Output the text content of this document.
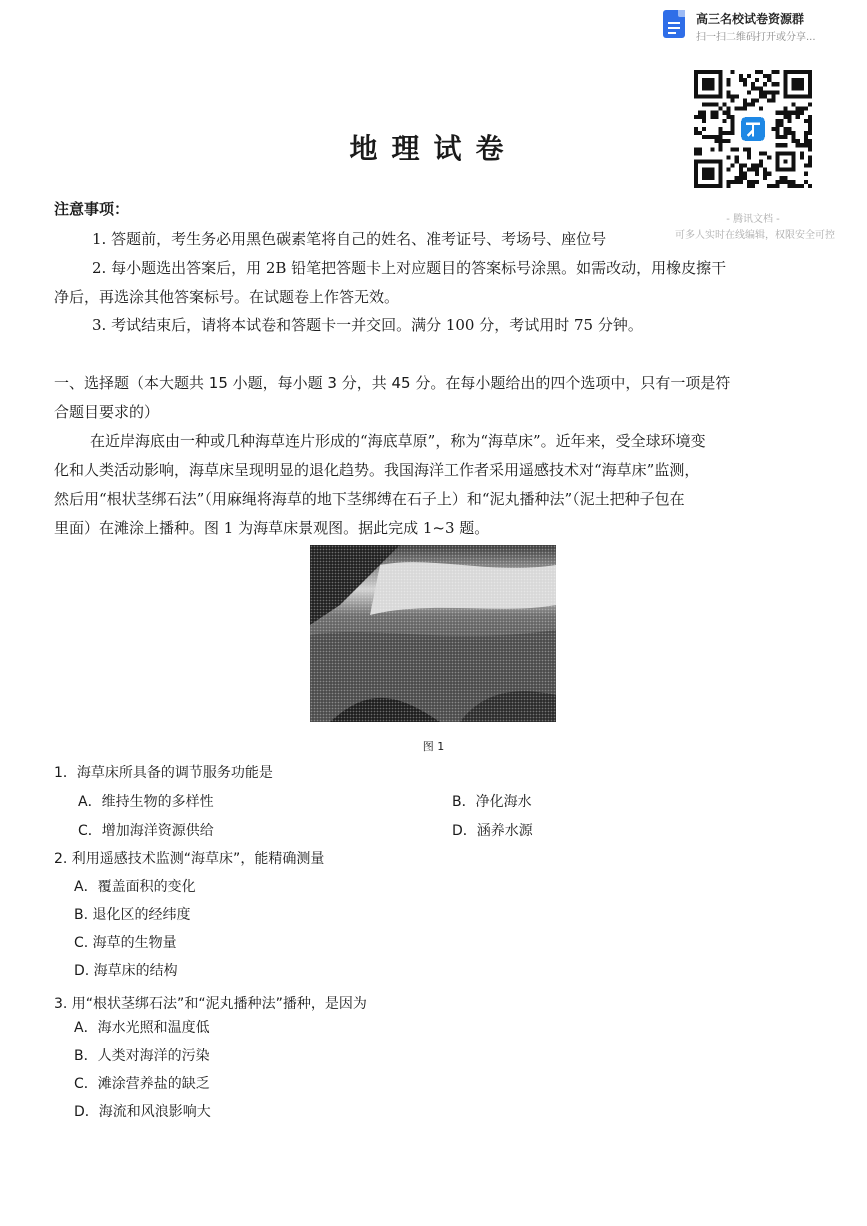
高三名校试卷资源群
扫一扫二维码打开或分享...
- 腾讯文档 -
可多人实时在线编辑，权限安全可控
地理试卷
注意事项：
1. 答题前，考生务必用黑色碳素笔将自己的姓名、准考证号、考场号、座位号
2. 每小题选出答案后，用 2B 铅笔把答题卡上对应题目的答案标号涂黑。如需改动，用橡皮擦干
净后，再选涂其他答案标号。在试题卷上作答无效。
3. 考试结束后，请将本试卷和答题卡一并交回。满分 100 分，考试用时 75 分钟。
一、选择题（本大题共 15 小题，每小题 3 分，共 45 分。在每小题给出的四个选项中，只有一项是符
合题目要求的）
在近岸海底由一种或几种海草连片形成的“海底草原”，称为“海草床”。近年来，受全球环境变
化和人类活动影响，海草床呈现明显的退化趋势。我国海洋工作者采用遥感技术对“海草床”监测，
然后用“根状茎绑石法”（用麻绳将海草的地下茎绑缚在石子上）和“泥丸播种法”（泥土把种子包在
里面）在滩涂上播种。图 1 为海草床景观图。据此完成 1~3 题。
图 1
1．海草床所具备的调节服务功能是
A．维持生物的多样性	B．净化海水
C．增加海洋资源供给	D．涵养水源
2. 利用遥感技术监测“海草床”，能精确测量
A．覆盖面积的变化
B. 退化区的经纬度
C. 海草的生物量
D. 海草床的结构
3. 用“根状茎绑石法”和“泥丸播种法”播种，是因为
A．海水光照和温度低
B．人类对海洋的污染
C．滩涂营养盐的缺乏
D．海流和风浪影响大
